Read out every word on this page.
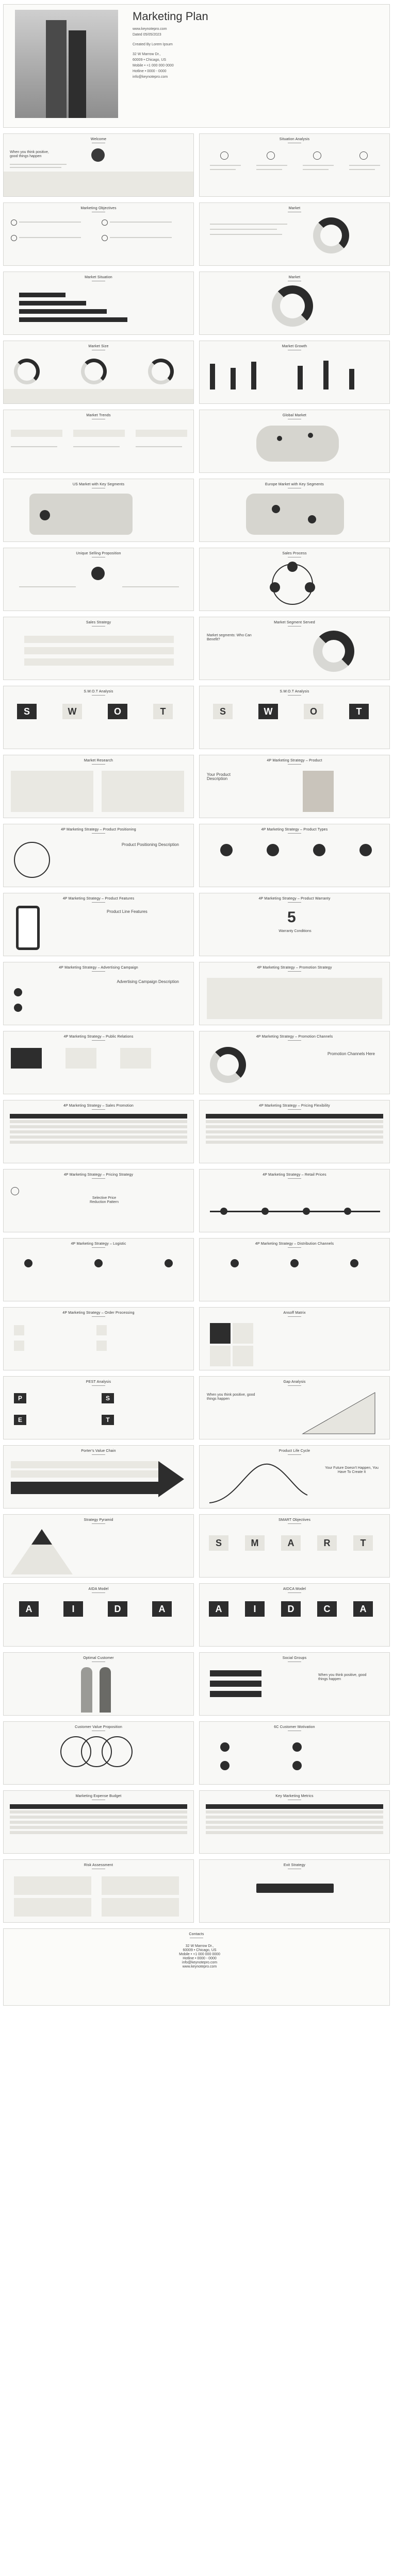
Marketing Plan
www.keynotepro.com
Dated 05/05/2023
Created By Lorem Ipsum
32 W Marrow Dr.,
60009 • Chicago, US
Mobile • +1 000 000 0000
Hotline • 0000 - 0000
info@keynotepro.com
Welcome
When you think positive, good things happen
Situation Analysis
Marketing Objectives	Market
Market Situation	Market
Market Size	Market Growth
Market Trends	Global Market
US Market with Key Segments	Europe Market with Key Segments
Unique Selling Proposition	Sales Process
Sales Strategy	Market Segment Served
Market segments: Who Can Benefit?
S.W.O.T Analysis
S	W	O	T
S.W.O.T Analysis
S	W	O	T
Market Research	4P Marketing Strategy – Product
Your Product Description
4P Marketing Strategy – Product Positioning
Product Positioning Description
4P Marketing Strategy – Product Types
4P Marketing Strategy – Product Features
Product Line Features
4P Marketing Strategy – Product Warranty
5
Warranty Conditions
4P Marketing Strategy – Advertising Campaign
Advertising Campaign Description
4P Marketing Strategy – Promotion Strategy
4P Marketing Strategy – Public Relations	4P Marketing Strategy – Promotion Channels
Promotion Channels Here
4P Marketing Strategy – Sales Promotion	4P Marketing Strategy – Pricing Flexibility
4P Marketing Strategy – Pricing Strategy
Selective Price Reduction Pattern
4P Marketing Strategy – Retail Prices
4P Marketing Strategy – Logistic	4P Marketing Strategy – Distribution Channels
4P Marketing Strategy – Order Processing	Ansoff Matrix
PEST Analysis
P
E
S
T
Gap Analysis
When you think positive, good things happen
Porter's Value Chain	Product Life Cycle
Your Future Doesn't Happen, You Have To Create It
Strategy Pyramid	SMART Objectives
S	M	A	R	T
AIDA Model
A	I	D	A
AIDCA Model
A	I	D	C	A
Optimal Customer	Social Groups
When you think positive, good things happen
Customer Value Proposition	6C Customer Motivation
Marketing Expense Budget	Key Marketing Metrics
Risk Assessment	Exit Strategy
Contacts
32 W Marrow Dr.,
60009 • Chicago, US
Mobile • +1 000 000 0000
Hotline • 0000 - 0000
info@keynotepro.com
www.keynotepro.com
